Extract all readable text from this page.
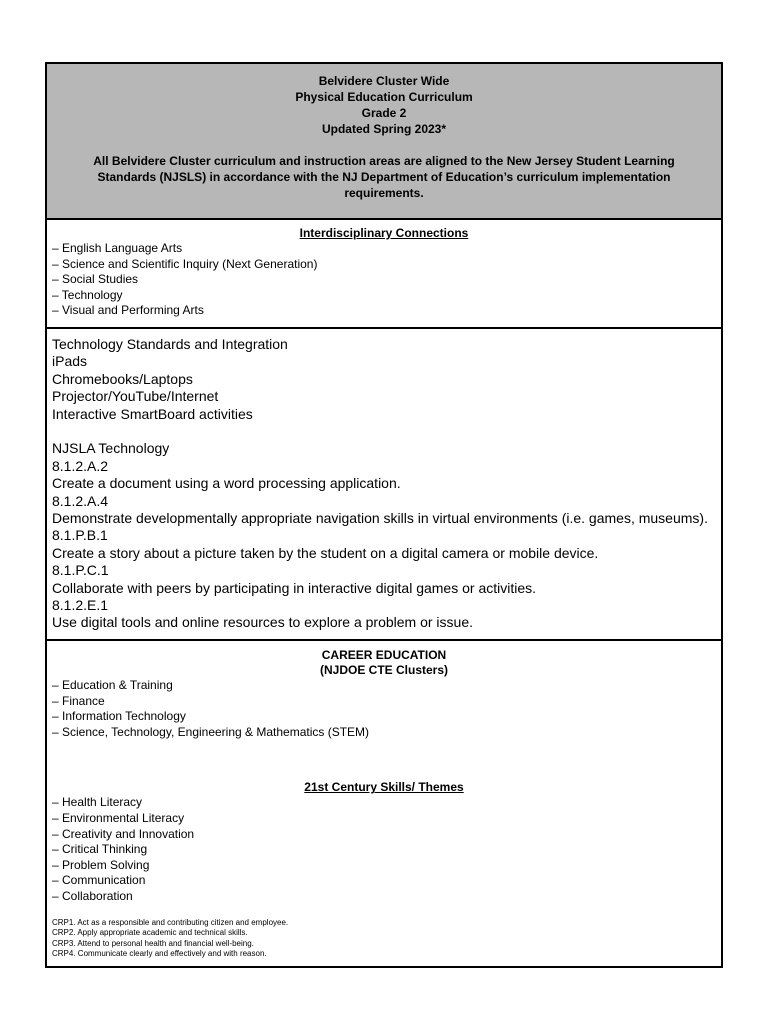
Belvidere Cluster Wide
Physical Education Curriculum
Grade 2
Updated Spring 2023*
All Belvidere Cluster curriculum and instruction areas are aligned to the New Jersey Student Learning Standards (NJSLS) in accordance with the NJ Department of Education’s curriculum implementation requirements.
Interdisciplinary Connections
– English Language Arts
– Science and Scientific Inquiry (Next Generation)
– Social Studies
– Technology
– Visual and Performing Arts
Technology Standards and Integration
iPads
Chromebooks/Laptops
Projector/YouTube/Internet
Interactive SmartBoard activities
NJSLA Technology
8.1.2.A.2
Create a document using a word processing application.
8.1.2.A.4
Demonstrate developmentally appropriate navigation skills in virtual environments (i.e. games, museums).
8.1.P.B.1
Create a story about a picture taken by the student on a digital camera or mobile device.
8.1.P.C.1
Collaborate with peers by participating in interactive digital games or activities.
8.1.2.E.1
Use digital tools and online resources to explore a problem or issue.
CAREER EDUCATION
(NJDOE CTE Clusters)
– Education & Training
– Finance
– Information Technology
– Science, Technology, Engineering & Mathematics (STEM)
21st Century Skills/ Themes
– Health Literacy
– Environmental Literacy
– Creativity and Innovation
– Critical Thinking
– Problem Solving
– Communication
– Collaboration
CRP1. Act as a responsible and contributing citizen and employee.
CRP2. Apply appropriate academic and technical skills.
CRP3. Attend to personal health and financial well-being.
CRP4. Communicate clearly and effectively and with reason.
